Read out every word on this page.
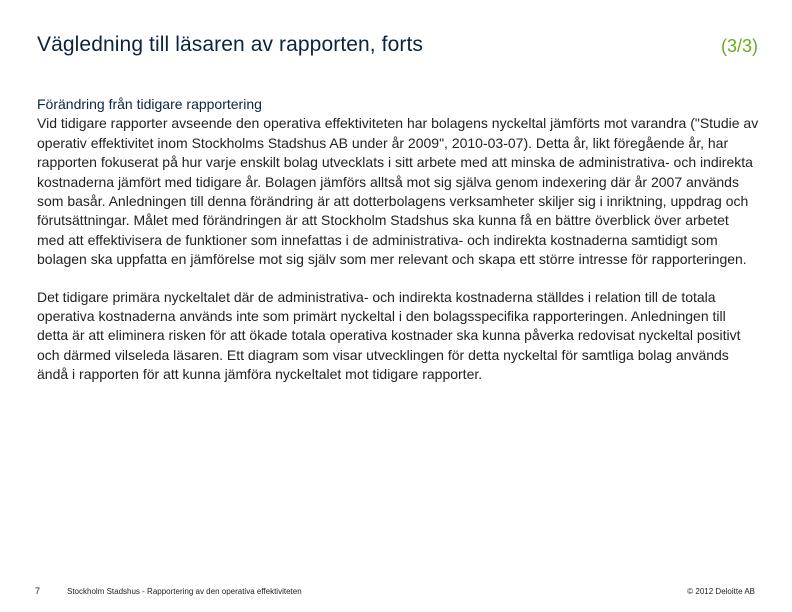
Vägledning till läsaren av rapporten, forts	(3/3)

Förändring från tidigare rapportering

Vid tidigare rapporter avseende den operativa effektiviteten har bolagens nyckeltal jämförts mot varandra ("Studie av operativ effektivitet inom Stockholms Stadshus AB under år 2009", 2010-03-07). Detta år, likt föregående år, har rapporten fokuserat på hur varje enskilt bolag utvecklats i sitt arbete med att minska de administrativa- och indirekta kostnaderna jämfört med tidigare år. Bolagen jämförs alltså mot sig själva genom indexering där år 2007 används som basår. Anledningen till denna förändring är att dotterbolagens verksamheter skiljer sig i inriktning, uppdrag och förutsättningar. Målet med förändringen är att Stockholm Stadshus ska kunna få en bättre överblick över arbetet med att effektivisera de funktioner som innefattas i de administrativa- och indirekta kostnaderna samtidigt som bolagen ska uppfatta en jämförelse mot sig själv som mer relevant och skapa ett större intresse för rapporteringen.

Det tidigare primära nyckeltalet där de administrativa- och indirekta kostnaderna ställdes i relation till de totala operativa kostnaderna används inte som primärt nyckeltal i den bolagsspecifika rapporteringen. Anledningen till detta är att eliminera risken för att ökade totala operativa kostnader ska kunna påverka redovisat nyckeltal positivt och därmed vilseleda läsaren. Ett diagram som visar utvecklingen för detta nyckeltal för samtliga bolag används ändå i rapporten för att kunna jämföra nyckeltalet mot tidigare rapporter.

7	Stockholm Stadshus - Rapportering av den operativa effektiviteten	© 2012 Deloitte AB
